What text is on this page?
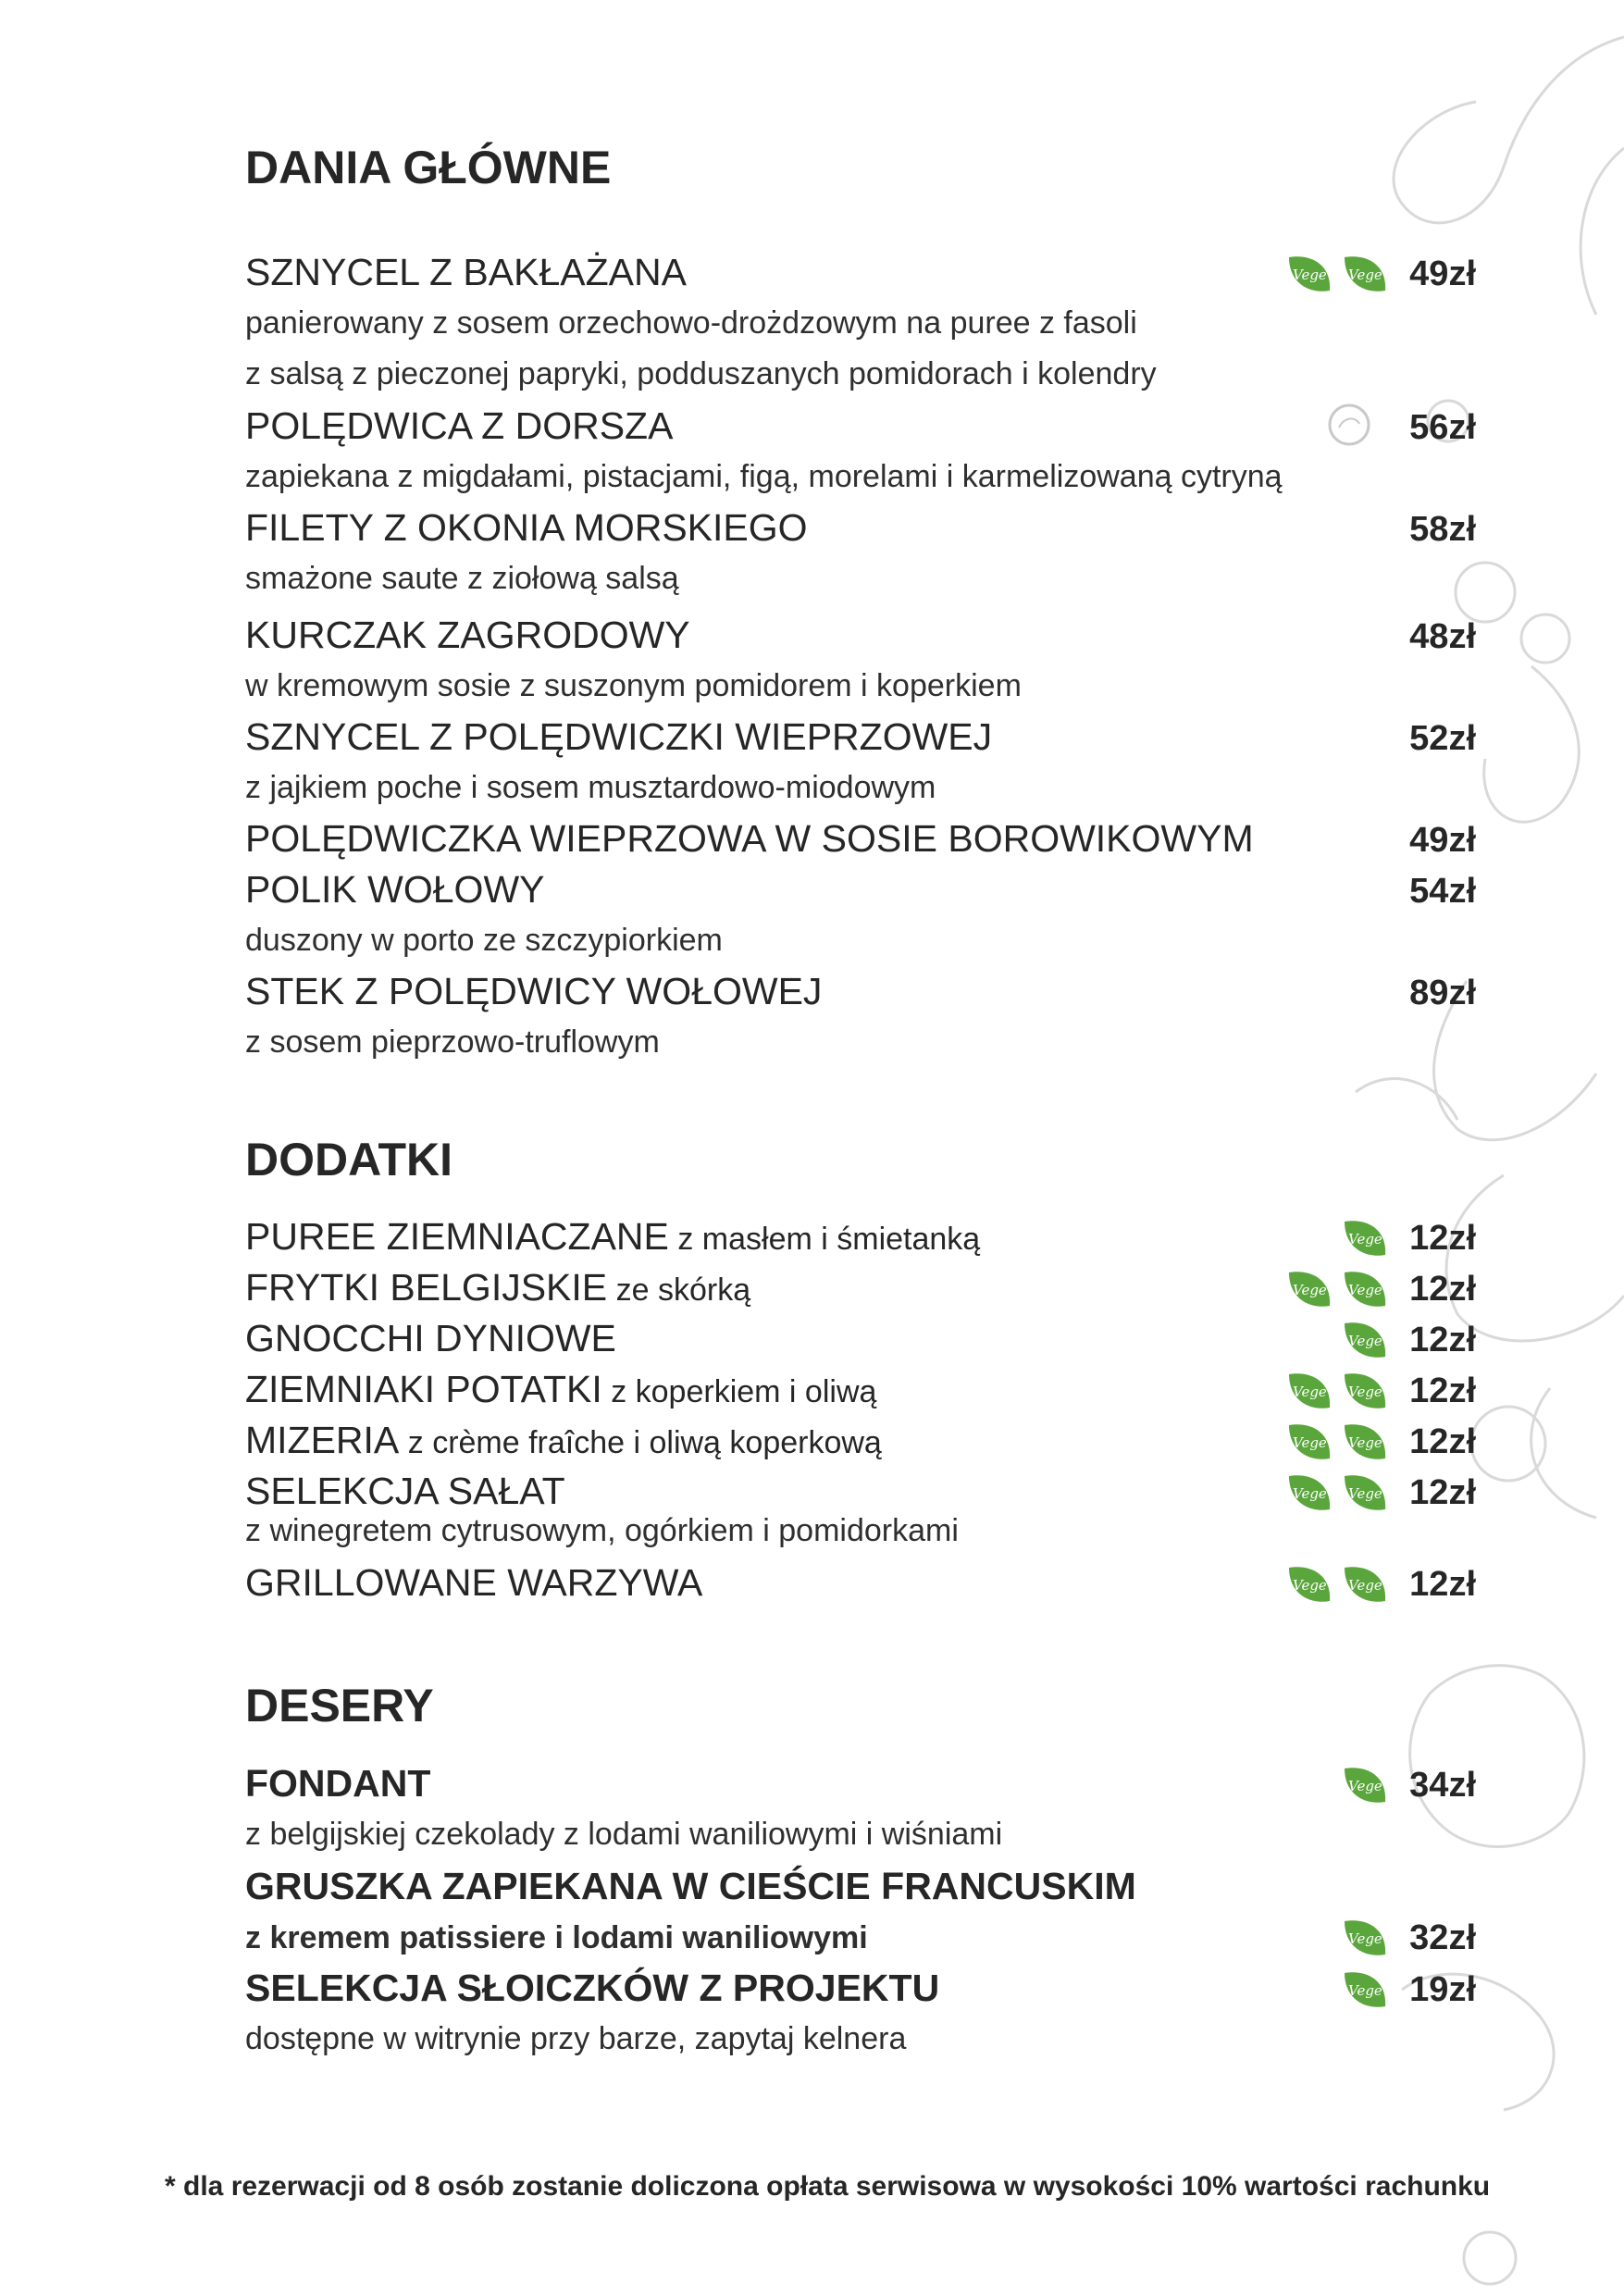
DANIA GŁÓWNE
SZNYCEL Z BAKŁAŻANA	Vege Vege 49zł
panierowany z sosem orzechowo-drożdzowym na puree z fasoli
z salsą z pieczonej papryki, podduszanych pomidorach i kolendry
POLĘDWICA Z DORSZA	56zł
zapiekana z migdałami, pistacjami, figą, morelami i karmelizowaną cytryną
FILETY Z OKONIA MORSKIEGO	58zł
smażone saute z ziołową salsą
KURCZAK ZAGRODOWY	48zł
w kremowym sosie z suszonym pomidorem i koperkiem
SZNYCEL Z POLĘDWICZKI WIEPRZOWEJ	52zł
z jajkiem poche i sosem musztardowo-miodowym
POLĘDWICZKA WIEPRZOWA W SOSIE BOROWIKOWYM	49zł
POLIK WOŁOWY	54zł
duszony w porto ze szczypiorkiem
STEK Z POLĘDWICY WOŁOWEJ	89zł
z sosem pieprzowo-truflowym
DODATKI
PUREE ZIEMNIACZANE z masłem i śmietanką	Vege 12zł
FRYTKI BELGIJSKIE ze skórką	Vege Vege 12zł
GNOCCHI DYNIOWE	Vege 12zł
ZIEMNIAKI POTATKI z koperkiem i oliwą	Vege Vege 12zł
MIZERIA z crème fraîche i oliwą koperkową	Vege Vege 12zł
SELEKCJA SAŁAT	Vege Vege 12zł
z winegretem cytrusowym, ogórkiem i pomidorkami
GRILLOWANE WARZYWA	Vege Vege 12zł
DESERY
FONDANT	Vege 34zł
z belgijskiej czekolady z lodami waniliowymi i wiśniami
GRUSZKA ZAPIEKANA W CIEŚCIE FRANCUSKIM
z kremem patissiere i lodami waniliowymi	Vege 32zł
SELEKCJA SŁOICZKÓW Z PROJEKTU	Vege 19zł
dostępne w witrynie przy barze, zapytaj kelnera
* dla rezerwacji od 8 osób zostanie doliczona opłata serwisowa w wysokości 10% wartości rachunku
